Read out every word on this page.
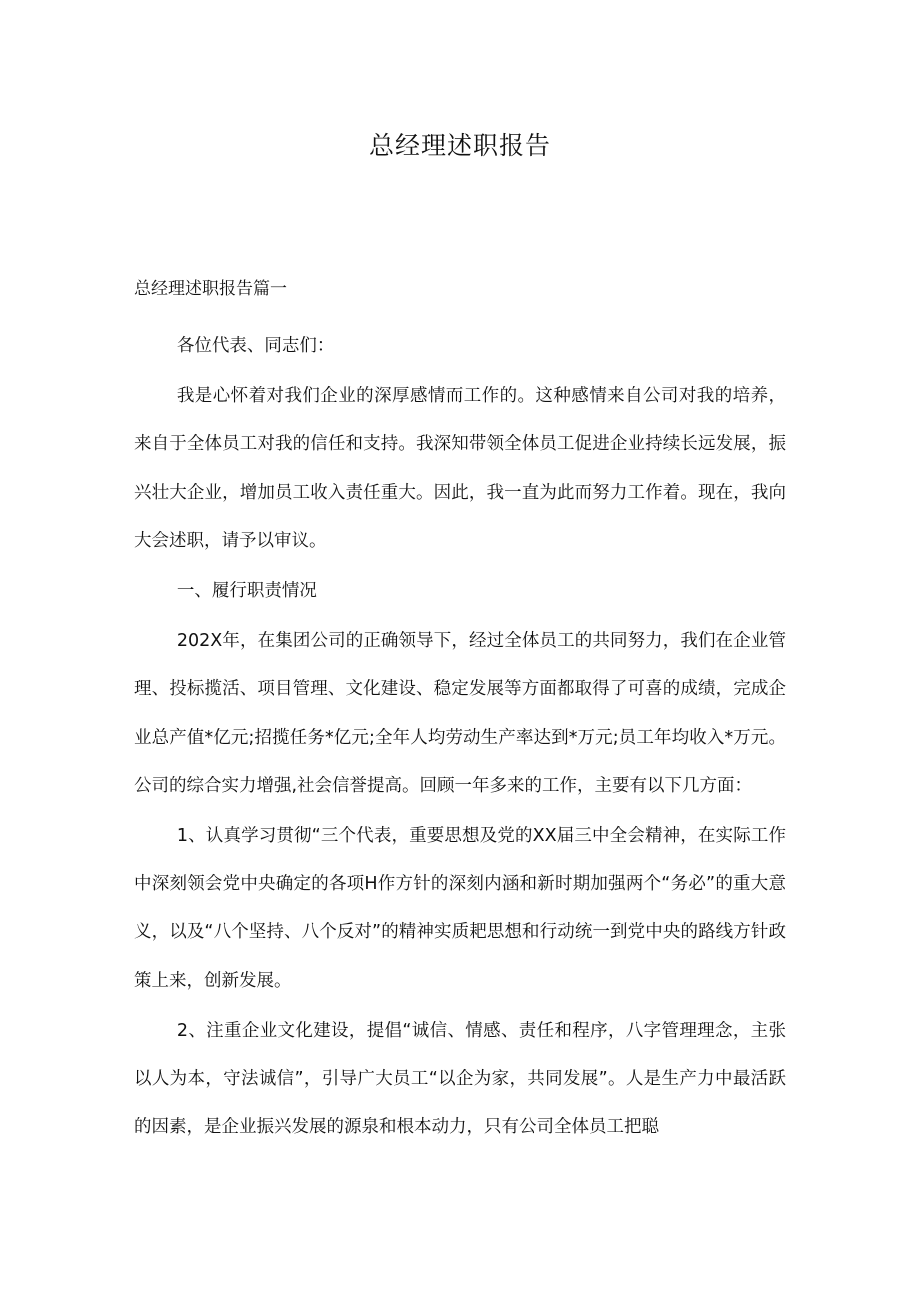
总经理述职报告
总经理述职报告篇一

各位代表、同志们：

我是心怀着对我们企业的深厚感情而工作的。这种感情来自公司对我的培养，来自于全体员工对我的信任和支持。我深知带领全体员工促进企业持续长远发展，振兴壮大企业，增加员工收入责任重大。因此，我一直为此而努力工作着。现在，我向大会述职，请予以审议。

一、履行职责情况

202X年，在集团公司的正确领导下，经过全体员工的共同努力，我们在企业管理、投标揽活、项目管理、文化建设、稳定发展等方面都取得了可喜的成绩，完成企业总产值*亿元;招揽任务*亿元;全年人均劳动生产率达到*万元;员工年均收入*万元。公司的综合实力增强,社会信誉提高。回顾一年多来的工作，主要有以下几方面：

1、认真学习贯彻“三个代表，重要思想及党的XX届三中全会精神，在实际工作中深刻领会党中央确定的各项H作方针的深刻内涵和新时期加强两个“务必”的重大意义，以及“八个坚持、八个反对”的精神实质耙思想和行动统一到党中央的路线方针政策上来，创新发展。

2、注重企业文化建设，提倡“诚信、情感、责任和程序，八字管理理念，主张以人为本，守法诚信”，引导广大员工“以企为家，共同发展”。人是生产力中最活跃的因素，是企业振兴发展的源泉和根本动力，只有公司全体员工把聪
